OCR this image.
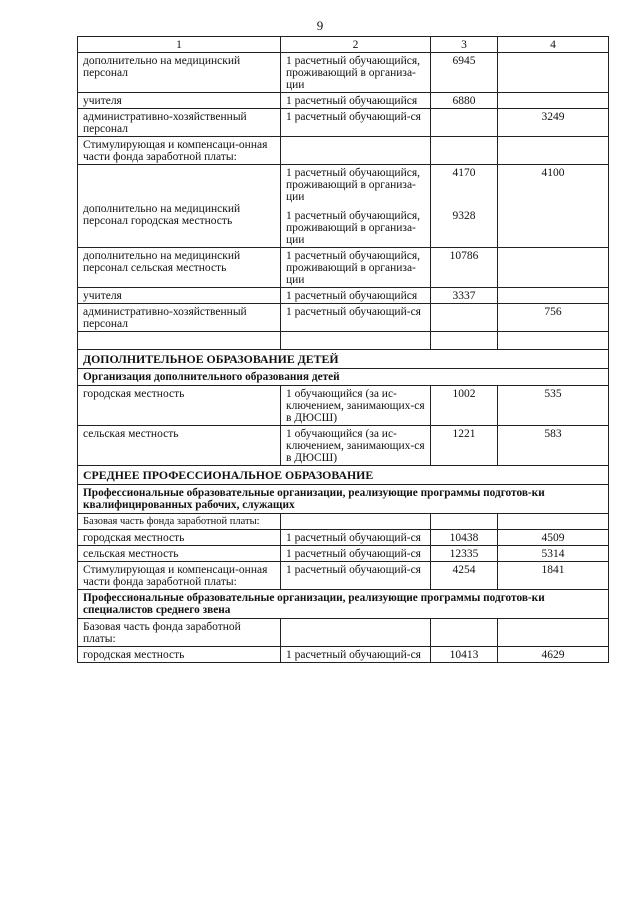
9
1	2	3	4
дополнительно на медицинский персонал	1 расчетный обучающийся, проживающий в организа-ции	6945	
учителя	1 расчетный обучающийся	6880	
административно-хозяйственный персонал	1 расчетный обучающий-ся		3249
Стимулирующая и компенсаци-онная части фонда заработной платы:			
дополнительно на медицинский персонал городская местность	1 расчетный обучающийся, проживающий в организа-ции	4170	4100
	1 расчетный обучающийся, проживающий в организа-ции	9328	
дополнительно на медицинский персонал сельская местность	1 расчетный обучающийся, проживающий в организа-ции	10786	
учителя	1 расчетный обучающийся	3337	
административно-хозяйственный персонал	1 расчетный обучающий-ся		756

ДОПОЛНИТЕЛЬНОЕ ОБРАЗОВАНИЕ ДЕТЕЙ			
Организация дополнительного образования детей			
городская местность	1 обучающийся (за ис-ключением, занимающих-ся в ДЮСШ)	1002	535
сельская местность	1 обучающийся (за ис-ключением, занимающих-ся в ДЮСШ)	1221	583
СРЕДНЕЕ ПРОФЕССИОНАЛЬНОЕ ОБРАЗОВАНИЕ			
Профессиональные образовательные организации, реализующие программы подготов-ки квалифицированных рабочих, служащих			
Базовая часть фонда заработной платы:			
городская местность	1 расчетный обучающий-ся	10438	4509
сельская местность	1 расчетный обучающий-ся	12335	5314
Стимулирующая и компенсаци-онная части фонда заработной платы:	1 расчетный обучающий-ся	4254	1841
Профессиональные образовательные организации, реализующие программы подготов-ки специалистов среднего звена			
Базовая часть фонда заработной платы:			
городская местность	1 расчетный обучающий-ся	10413	4629
